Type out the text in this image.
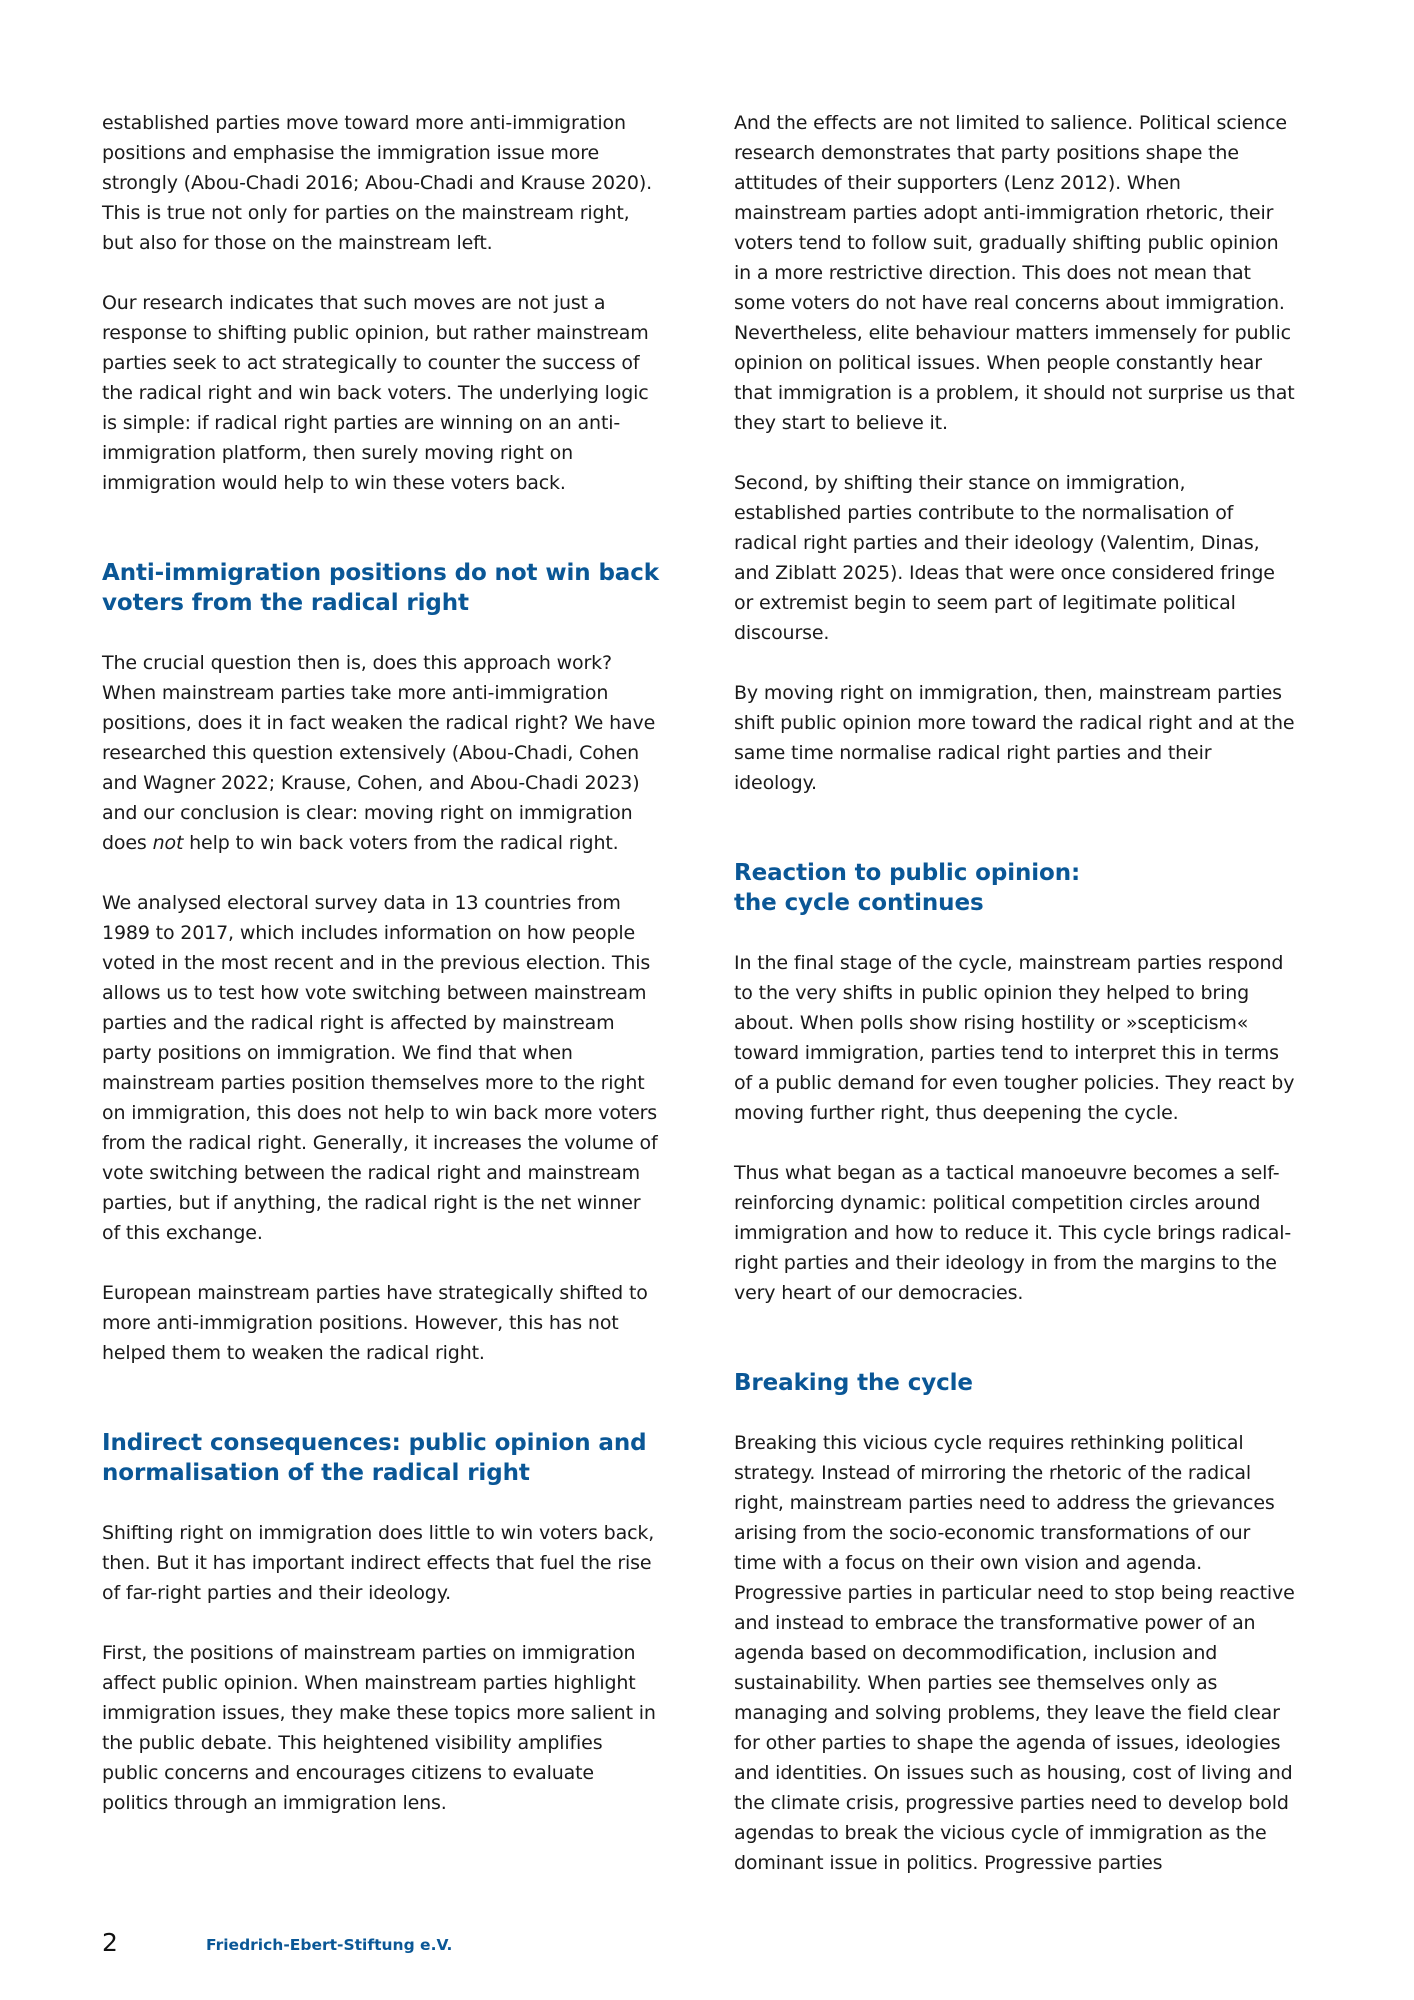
established parties move toward more anti-immigration positions and emphasise the immigration issue more strongly (Abou-Chadi 2016; Abou-Chadi and Krause 2020). This is true not only for parties on the mainstream right, but also for those on the mainstream left.

Our research indicates that such moves are not just a response to shifting public opinion, but rather mainstream parties seek to act strategically to counter the success of the radical right and win back voters. The underlying logic is simple: if radical right parties are winning on an anti-immigration platform, then surely moving right on immigration would help to win these voters back.

Anti-immigration positions do not win back voters from the radical right

The crucial question then is, does this approach work? When mainstream parties take more anti-immigration positions, does it in fact weaken the radical right? We have researched this question extensively (Abou-Chadi, Cohen and Wagner 2022; Krause, Cohen, and Abou-Chadi 2023) and our conclusion is clear: moving right on immigration does not help to win back voters from the radical right.

We analysed electoral survey data in 13 countries from 1989 to 2017, which includes information on how people voted in the most recent and in the previous election. This allows us to test how vote switching between mainstream parties and the radical right is affected by mainstream party positions on immigration. We find that when mainstream parties position themselves more to the right on immigration, this does not help to win back more voters from the radical right. Generally, it increases the volume of vote switching between the radical right and mainstream parties, but if anything, the radical right is the net winner of this exchange.

European mainstream parties have strategically shifted to more anti-immigration positions. However, this has not helped them to weaken the radical right.

Indirect consequences: public opinion and normalisation of the radical right

Shifting right on immigration does little to win voters back, then. But it has important indirect effects that fuel the rise of far-right parties and their ideology.

First, the positions of mainstream parties on immigration affect public opinion. When mainstream parties highlight immigration issues, they make these topics more salient in the public debate. This heightened visibility amplifies public concerns and encourages citizens to evaluate politics through an immigration lens.

And the effects are not limited to salience. Political science research demonstrates that party positions shape the attitudes of their supporters (Lenz 2012). When mainstream parties adopt anti-immigration rhetoric, their voters tend to follow suit, gradually shifting public opinion in a more restrictive direction. This does not mean that some voters do not have real concerns about immigration. Nevertheless, elite behaviour matters immensely for public opinion on political issues. When people constantly hear that immigration is a problem, it should not surprise us that they start to believe it.

Second, by shifting their stance on immigration, established parties contribute to the normalisation of radical right parties and their ideology (Valentim, Dinas, and Ziblatt 2025). Ideas that were once considered fringe or extremist begin to seem part of legitimate political discourse.

By moving right on immigration, then, mainstream parties shift public opinion more toward the radical right and at the same time normalise radical right parties and their ideology.

Reaction to public opinion:
the cycle continues

In the final stage of the cycle, mainstream parties respond to the very shifts in public opinion they helped to bring about. When polls show rising hostility or »scepticism« toward immigration, parties tend to interpret this in terms of a public demand for even tougher policies. They react by moving further right, thus deepening the cycle.

Thus what began as a tactical manoeuvre becomes a self-reinforcing dynamic: political competition circles around immigration and how to reduce it. This cycle brings radical-right parties and their ideology in from the margins to the very heart of our democracies.

Breaking the cycle

Breaking this vicious cycle requires rethinking political strategy. Instead of mirroring the rhetoric of the radical right, mainstream parties need to address the grievances arising from the socio-economic transformations of our time with a focus on their own vision and agenda. Progressive parties in particular need to stop being reactive and instead to embrace the transformative power of an agenda based on decommodification, inclusion and sustainability. When parties see themselves only as managing and solving problems, they leave the field clear for other parties to shape the agenda of issues, ideologies and identities. On issues such as housing, cost of living and the climate crisis, progressive parties need to develop bold agendas to break the vicious cycle of immigration as the dominant issue in politics. Progressive parties

2	Friedrich-Ebert-Stiftung e.V.
